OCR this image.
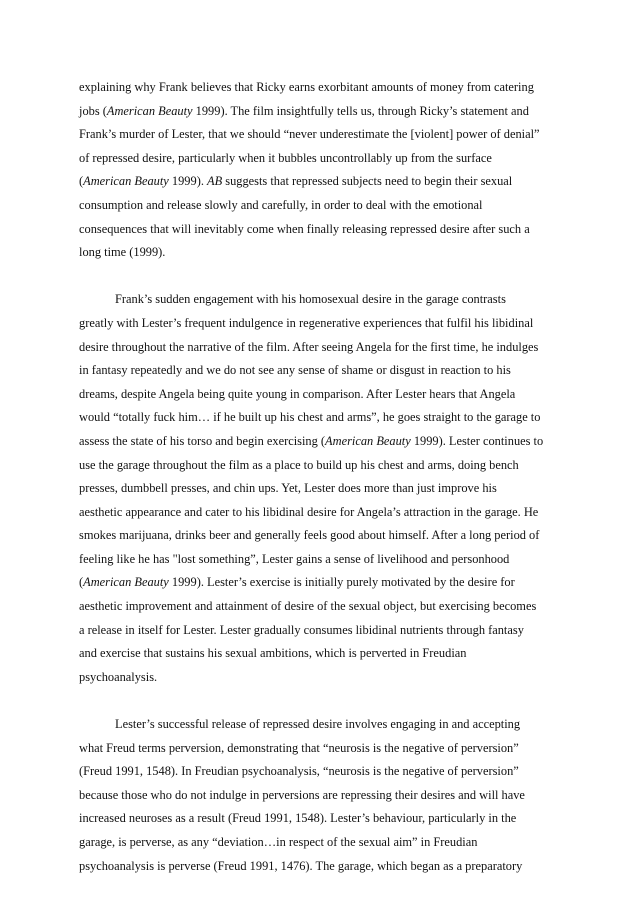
explaining why Frank believes that Ricky earns exorbitant amounts of money from catering
jobs (American Beauty 1999). The film insightfully tells us, through Ricky’s statement and
Frank’s murder of Lester, that we should “never underestimate the [violent] power of denial”
of repressed desire, particularly when it bubbles uncontrollably up from the surface
(American Beauty 1999). AB suggests that repressed subjects need to begin their sexual
consumption and release slowly and carefully, in order to deal with the emotional
consequences that will inevitably come when finally releasing repressed desire after such a
long time (1999).
Frank’s sudden engagement with his homosexual desire in the garage contrasts
greatly with Lester’s frequent indulgence in regenerative experiences that fulfil his libidinal
desire throughout the narrative of the film. After seeing Angela for the first time, he indulges
in fantasy repeatedly and we do not see any sense of shame or disgust in reaction to his
dreams, despite Angela being quite young in comparison. After Lester hears that Angela
would “totally fuck him… if he built up his chest and arms”, he goes straight to the garage to
assess the state of his torso and begin exercising (American Beauty 1999). Lester continues to
use the garage throughout the film as a place to build up his chest and arms, doing bench
presses, dumbbell presses, and chin ups. Yet, Lester does more than just improve his
aesthetic appearance and cater to his libidinal desire for Angela’s attraction in the garage. He
smokes marijuana, drinks beer and generally feels good about himself. After a long period of
feeling like he has "lost something”, Lester gains a sense of livelihood and personhood
(American Beauty 1999). Lester’s exercise is initially purely motivated by the desire for
aesthetic improvement and attainment of desire of the sexual object, but exercising becomes
a release in itself for Lester. Lester gradually consumes libidinal nutrients through fantasy
and exercise that sustains his sexual ambitions, which is perverted in Freudian
psychoanalysis.
Lester’s successful release of repressed desire involves engaging in and accepting
what Freud terms perversion, demonstrating that “neurosis is the negative of perversion”
(Freud 1991, 1548). In Freudian psychoanalysis, “neurosis is the negative of perversion”
because those who do not indulge in perversions are repressing their desires and will have
increased neuroses as a result (Freud 1991, 1548). Lester’s behaviour, particularly in the
garage, is perverse, as any “deviation…in respect of the sexual aim” in Freudian
psychoanalysis is perverse (Freud 1991, 1476). The garage, which began as a preparatory
